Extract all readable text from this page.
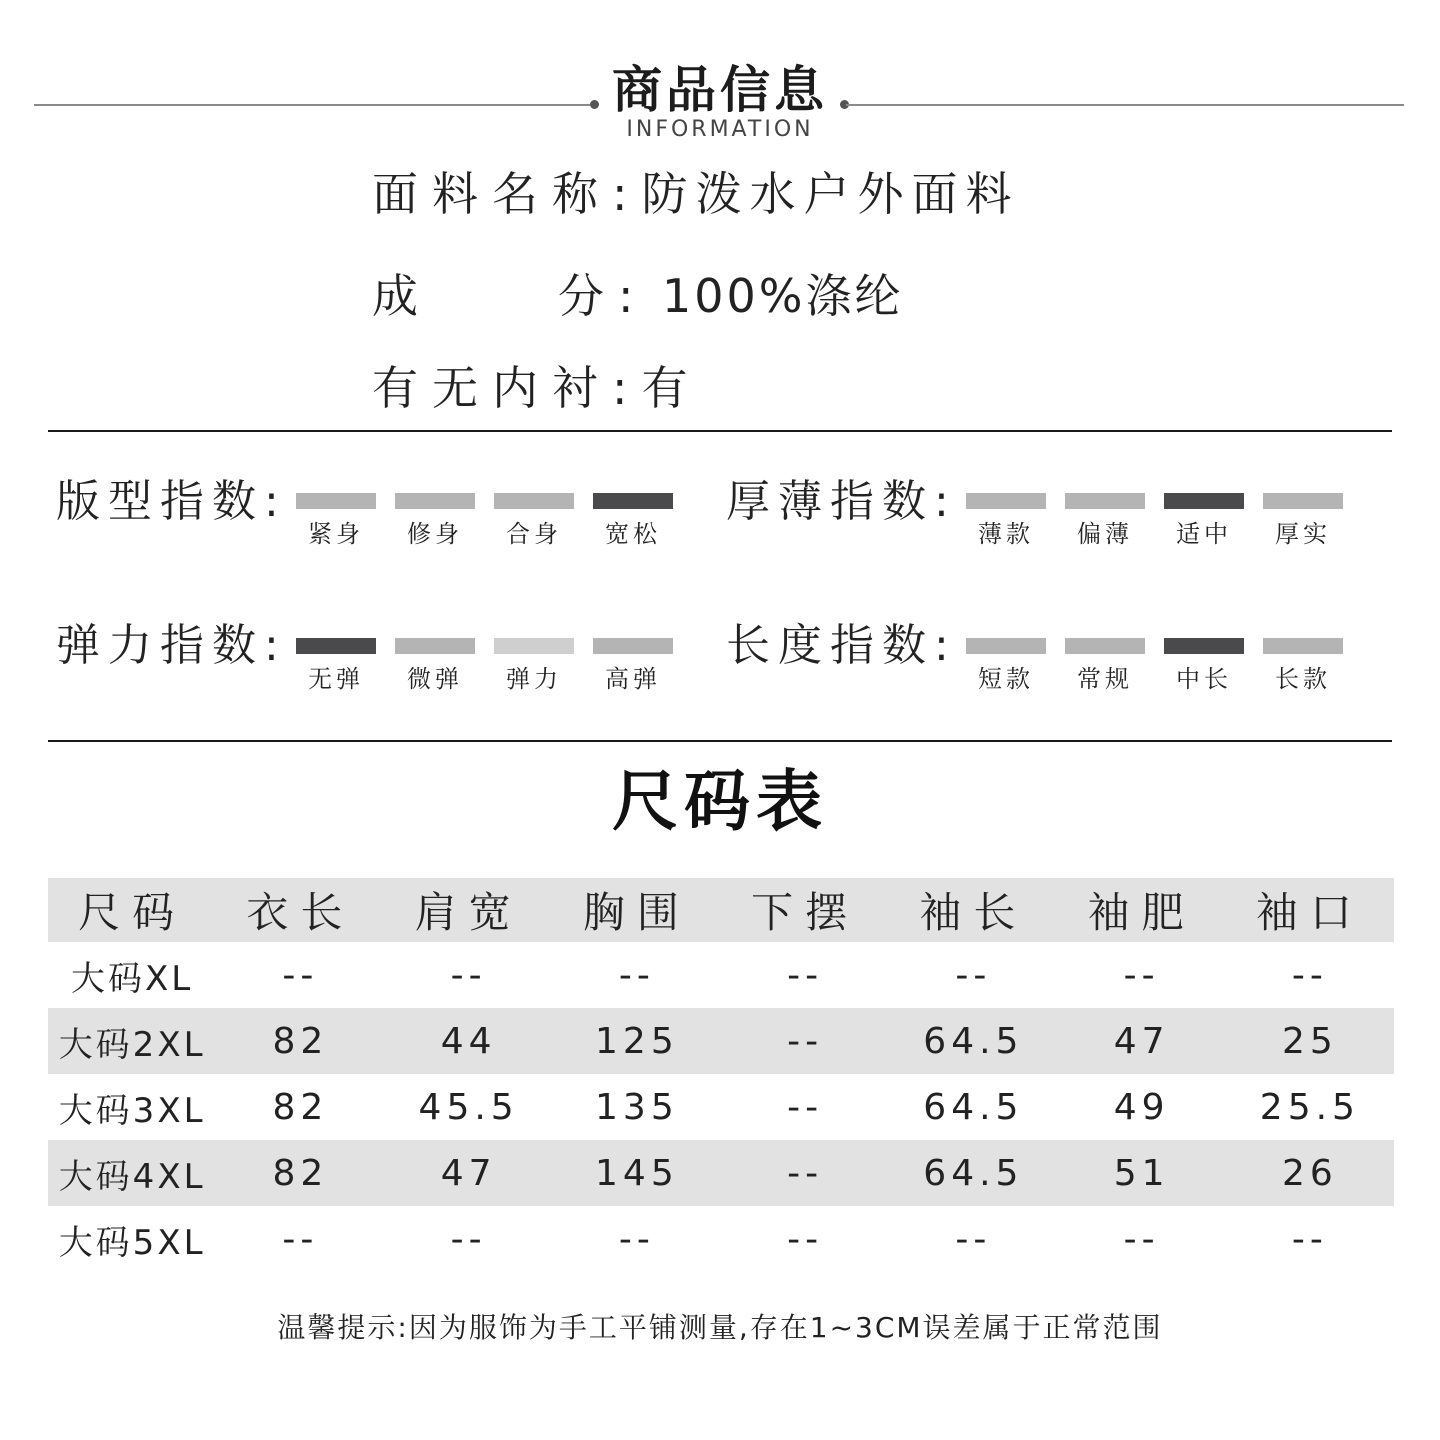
商品信息
INFORMATION
面料名称:防泼水户外面料
成	分: 100%涤纶
有无内衬:有
版型指数:	厚薄指数:
弹力指数:	长度指数:
紧身	修身	合身	宽松	薄款	偏薄	适中	厚实
无弹	微弹	弹力	高弹	短款	常规	中长	长款
尺码表
尺码	衣长	肩宽	胸围	下摆	袖长	袖肥	袖口
大码XL	--	--	--	--	--	--	--
大码2XL	82	44	125	--	64.5	47	25
大码3XL	82	45.5	135	--	64.5	49	25.5
大码4XL	82	47	145	--	64.5	51	26
大码5XL	--	--	--	--	--	--	--
温馨提示:因为服饰为手工平铺测量,存在1~3CM误差属于正常范围
